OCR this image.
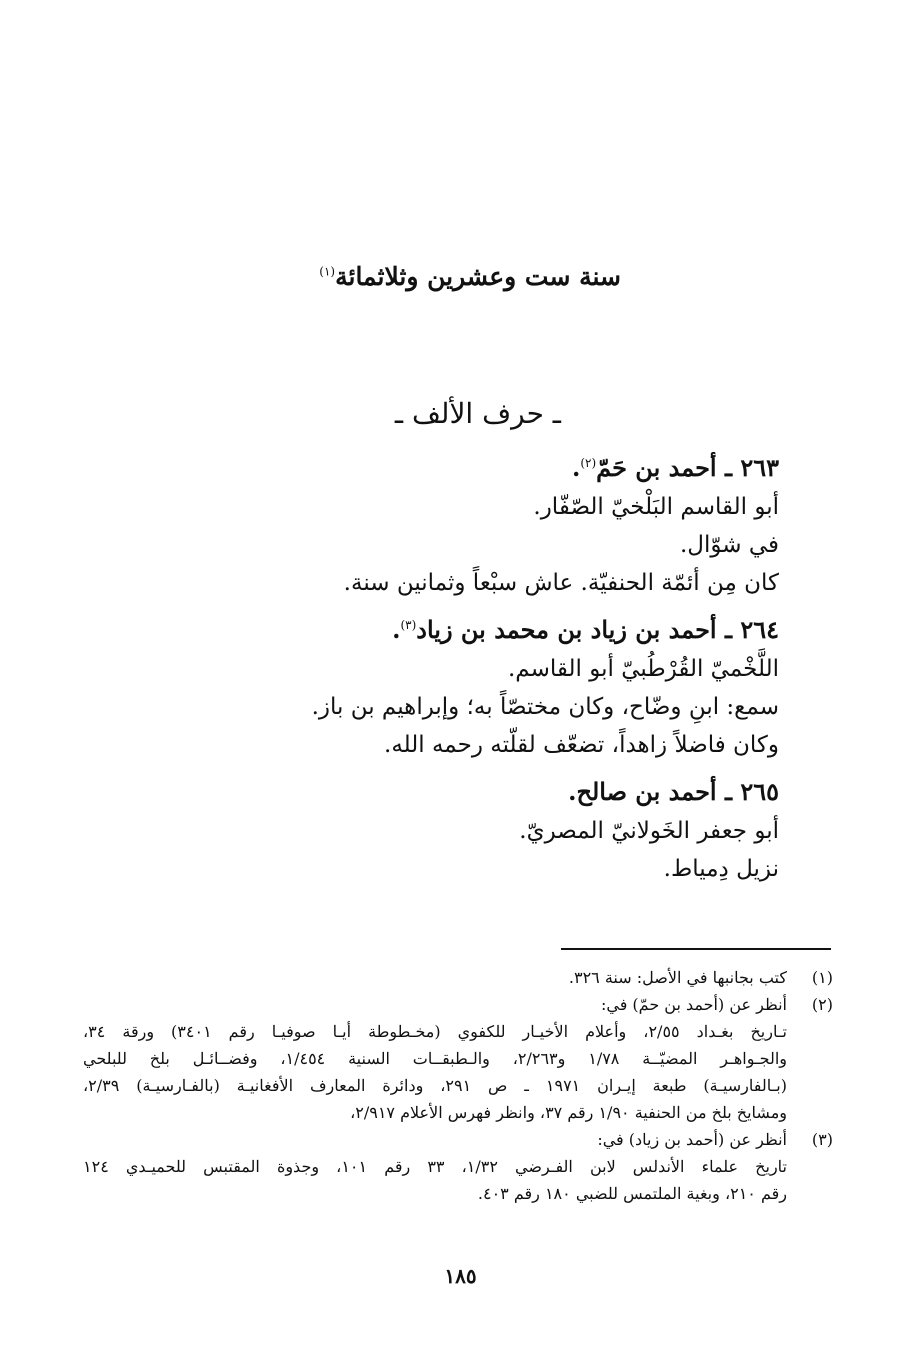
سنة ست وعشرين وثلاثمائة$^{(١)}$
ـ حرف الألف ـ
٢٦٣ ـ أحمد بن حَمّ$^{(٢)}$.
أبو القاسم البَلْخيّ الصّفّار.
في شوّال.
كان مِن أئمّة الحنفيّة. عاش سبْعاً وثمانين سنة.
٢٦٤ ـ أحمد بن زياد بن محمد بن زياد$^{(٣)}$.
اللَّخْميّ القُرْطُبيّ أبو القاسم.
سمع: ابنِ وضّاح، وكان مختصّاً به؛ وإبراهيم بن باز.
وكان فاضلاً زاهداً، تضعّف لقلّته رحمه الله.
٢٦٥ ـ أحمد بن صالح.
أبو جعفر الخَولانيّ المصريّ.
نزيل دِمياط.
(١)
كتب بجانبها في الأصل: سنة ٣٢٦.
(٢)
أنظر عن (أحمد بن حمّ) في:
تـاريخ بغـداد ٢/٥٥، وأعلام الأخيـار للكفوي (مخـطوطة أيـا صوفيـا رقم ٣٤٠١) ورقة ٣٤،
والجـواهـر المضيّــة ١/٧٨ و٢/٢٦٣، والـطبقــات السنية ١/٤٥٤، وفضــائـل بلخ للبلحي
(بـالفارسيـة) طبعة إيـران ١٩٧١ ـ ص ٢٩١، ودائرة المعارف الأفغانيـة (بالفـارسيـة) ٢/٣٩،
ومشايخ بلخ من الحنفية ١/٩٠ رقم ٣٧، وانظر فهرس الأعلام ٢/٩١٧،
(٣)
أنظر عن (أحمد بن زياد) في:
تاريخ علماء الأندلس لابن الفـرضي ١/٣٢، ٣٣ رقم ١٠١، وجذوة المقتبس للحميـدي ١٢٤
رقم ٢١٠، وبغية الملتمس للضبي ١٨٠ رقم ٤٠٣.
١٨٥
